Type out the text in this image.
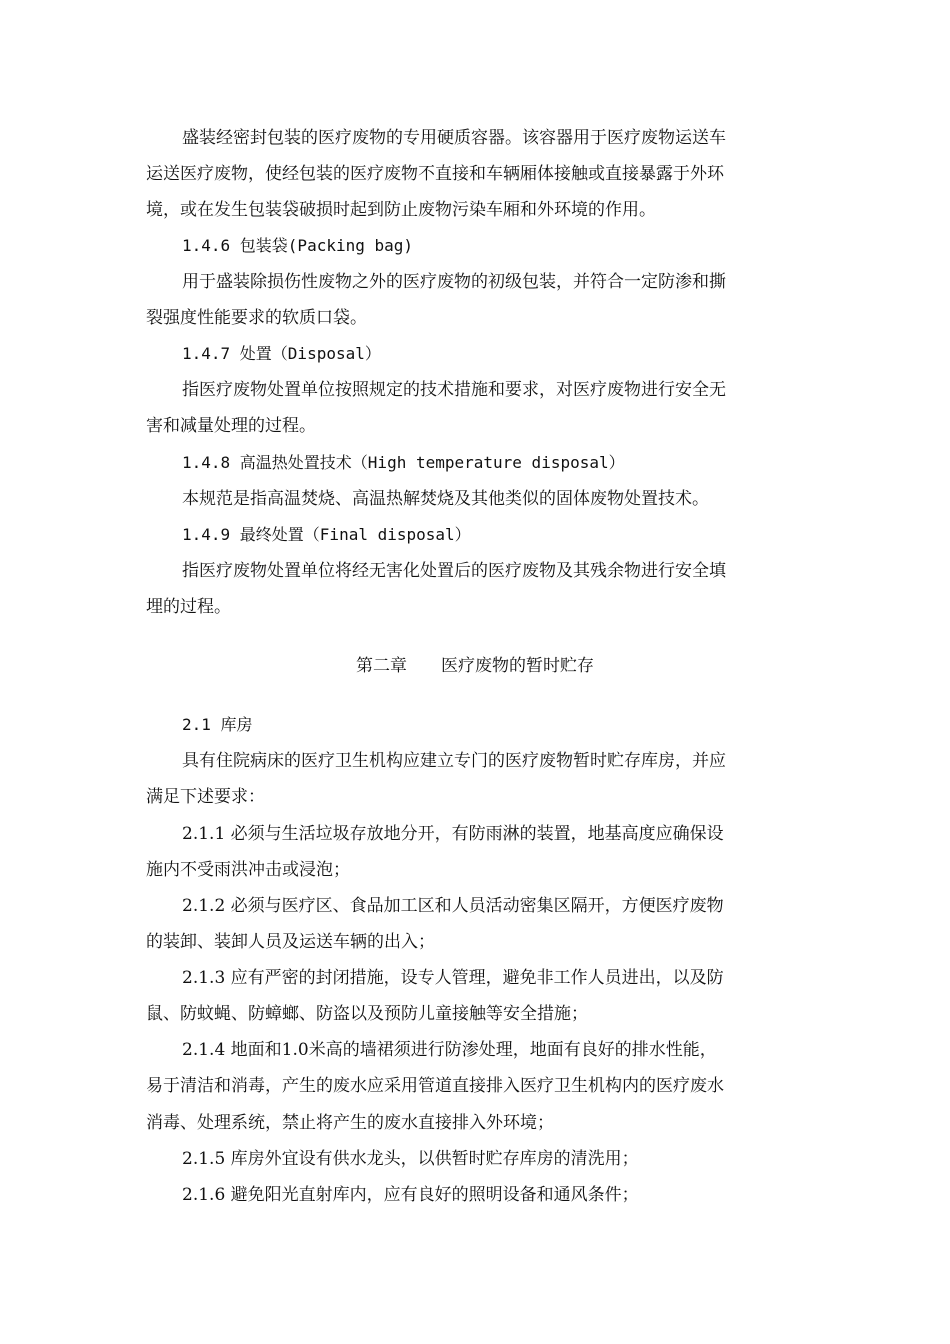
盛装经密封包装的医疗废物的专用硬质容器。该容器用于医疗废物运送车
运送医疗废物，使经包装的医疗废物不直接和车辆厢体接触或直接暴露于外环
境，或在发生包装袋破损时起到防止废物污染车厢和外环境的作用。
1.4.6 包装袋(Packing bag)
用于盛装除损伤性废物之外的医疗废物的初级包装，并符合一定防渗和撕
裂强度性能要求的软质口袋。
1.4.7 处置（Disposal）
指医疗废物处置单位按照规定的技术措施和要求，对医疗废物进行安全无
害和减量处理的过程。
1.4.8 高温热处置技术（High temperature disposal）
本规范是指高温焚烧、高温热解焚烧及其他类似的固体废物处置技术。
1.4.9 最终处置（Final disposal）
指医疗废物处置单位将经无害化处置后的医疗废物及其残余物进行安全填
埋的过程。
第二章　　医疗废物的暂时贮存
2.1 库房
具有住院病床的医疗卫生机构应建立专门的医疗废物暂时贮存库房，并应
满足下述要求：
2.1.1 必须与生活垃圾存放地分开，有防雨淋的装置，地基高度应确保设
施内不受雨洪冲击或浸泡；
2.1.2 必须与医疗区、食品加工区和人员活动密集区隔开，方便医疗废物
的装卸、装卸人员及运送车辆的出入；
2.1.3 应有严密的封闭措施，设专人管理，避免非工作人员进出，以及防
鼠、防蚊蝇、防蟑螂、防盗以及预防儿童接触等安全措施；
2.1.4 地面和1.0米高的墙裙须进行防渗处理，地面有良好的排水性能，
易于清洁和消毒，产生的废水应采用管道直接排入医疗卫生机构内的医疗废水
消毒、处理系统，禁止将产生的废水直接排入外环境；
2.1.5 库房外宜设有供水龙头，以供暂时贮存库房的清洗用；
2.1.6 避免阳光直射库内，应有良好的照明设备和通风条件；
